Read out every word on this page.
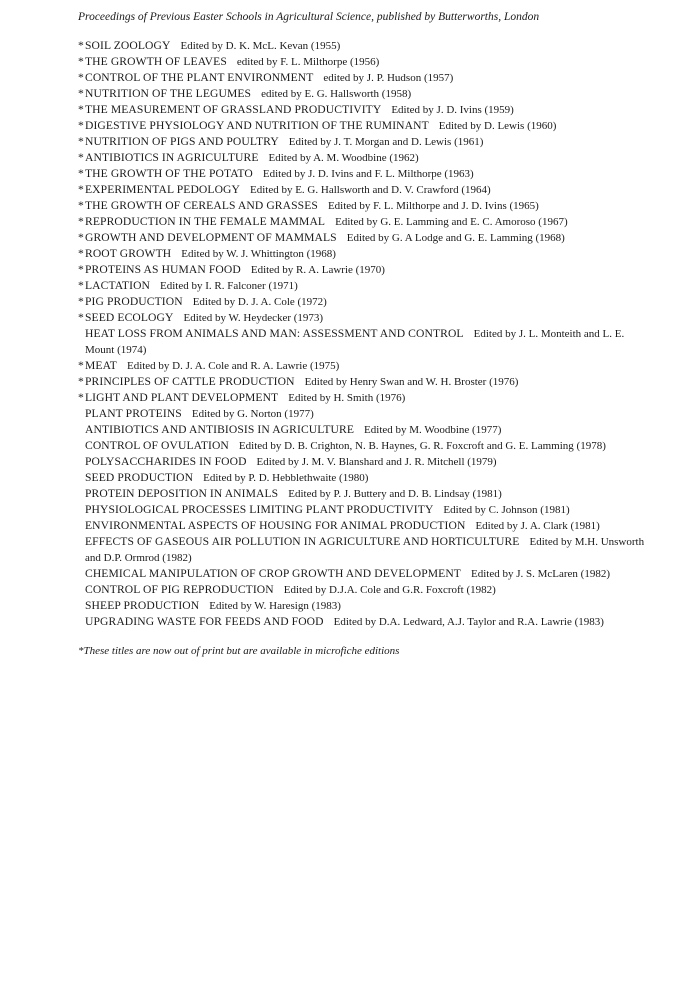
Proceedings of Previous Easter Schools in Agricultural Science, published by Butterworths, London

*SOIL ZOOLOGY Edited by D. K. McL. Kevan (1955)
*THE GROWTH OF LEAVES edited by F. L. Milthorpe (1956)
*CONTROL OF THE PLANT ENVIRONMENT edited by J. P. Hudson (1957)
*NUTRITION OF THE LEGUMES edited by E. G. Hallsworth (1958)
*THE MEASUREMENT OF GRASSLAND PRODUCTIVITY Edited by J. D. Ivins (1959)
*DIGESTIVE PHYSIOLOGY AND NUTRITION OF THE RUMINANT Edited by D. Lewis (1960)
*NUTRITION OF PIGS AND POULTRY Edited by J. T. Morgan and D. Lewis (1961)
*ANTIBIOTICS IN AGRICULTURE Edited by A. M. Woodbine (1962)
*THE GROWTH OF THE POTATO Edited by J. D. Ivins and F. L. Milthorpe (1963)
*EXPERIMENTAL PEDOLOGY Edited by E. G. Hallsworth and D. V. Crawford (1964)
*THE GROWTH OF CEREALS AND GRASSES Edited by F. L. Milthorpe and J. D. Ivins (1965)
*REPRODUCTION IN THE FEMALE MAMMAL Edited by G. E. Lamming and E. C. Amoroso (1967)
*GROWTH AND DEVELOPMENT OF MAMMALS Edited by G. A Lodge and G. E. Lamming (1968)
*ROOT GROWTH Edited by W. J. Whittington (1968)
*PROTEINS AS HUMAN FOOD Edited by R. A. Lawrie (1970)
*LACTATION Edited by I. R. Falconer (1971)
*PIG PRODUCTION Edited by D. J. A. Cole (1972)
*SEED ECOLOGY Edited by W. Heydecker (1973)
HEAT LOSS FROM ANIMALS AND MAN: ASSESSMENT AND CONTROL Edited by J. L. Monteith and L. E. Mount (1974)
*MEAT Edited by D. J. A. Cole and R. A. Lawrie (1975)
*PRINCIPLES OF CATTLE PRODUCTION Edited by Henry Swan and W. H. Broster (1976)
*LIGHT AND PLANT DEVELOPMENT Edited by H. Smith (1976)
PLANT PROTEINS Edited by G. Norton (1977)
ANTIBIOTICS AND ANTIBIOSIS IN AGRICULTURE Edited by M. Woodbine (1977)
CONTROL OF OVULATION Edited by D. B. Crighton, N. B. Haynes, G. R. Foxcroft and G. E. Lamming (1978)
POLYSACCHARIDES IN FOOD Edited by J. M. V. Blanshard and J. R. Mitchell (1979)
SEED PRODUCTION Edited by P. D. Hebblethwaite (1980)
PROTEIN DEPOSITION IN ANIMALS Edited by P. J. Buttery and D. B. Lindsay (1981)
PHYSIOLOGICAL PROCESSES LIMITING PLANT PRODUCTIVITY Edited by C. Johnson (1981)
ENVIRONMENTAL ASPECTS OF HOUSING FOR ANIMAL PRODUCTION Edited by J. A. Clark (1981)
EFFECTS OF GASEOUS AIR POLLUTION IN AGRICULTURE AND HORTICULTURE Edited by M.H. Unsworth and D.P. Ormrod (1982)
CHEMICAL MANIPULATION OF CROP GROWTH AND DEVELOPMENT Edited by J. S. McLaren (1982)
CONTROL OF PIG REPRODUCTION Edited by D.J.A. Cole and G.R. Foxcroft (1982)
SHEEP PRODUCTION Edited by W. Haresign (1983)
UPGRADING WASTE FOR FEEDS AND FOOD Edited by D.A. Ledward, A.J. Taylor and R.A. Lawrie (1983)

*These titles are now out of print but are available in microfiche editions
